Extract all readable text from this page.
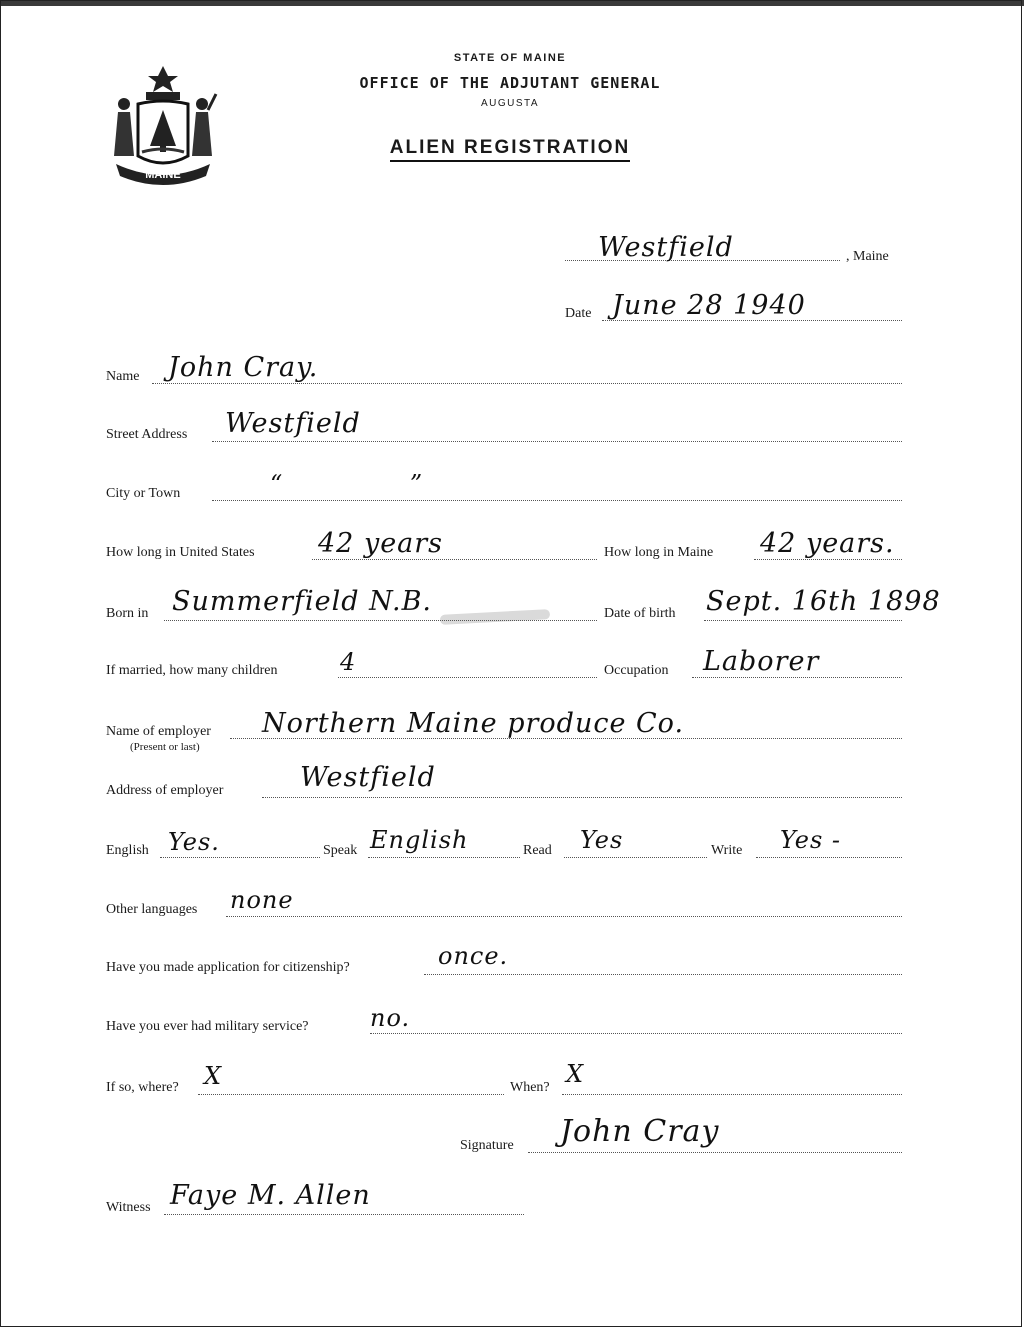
MAINE
STATE OF MAINE
OFFICE OF THE ADJUTANT GENERAL
AUGUSTA
ALIEN REGISTRATION
Westfield	, Maine
Date June 28 1940
Name John Cray.
Street Address Westfield
City or Town	“ ”
How long in United States 42 years	How long in Maine 42 years.
Born in Summerfield N.B.	Date of birth Sept. 16th 1898
If married, how many children	4	Occupation Laborer
Name of employer
(Present or last)
Northern Maine produce Co.
Address of employer	Westfield
English Yes.	Speak English	Read Yes	Write Yes -
Other languages none
Have you made application for citizenship?	once.
Have you ever had military service?	no.
If so, where? X	When? X
Signature John Cray
Witness Faye M. Allen
